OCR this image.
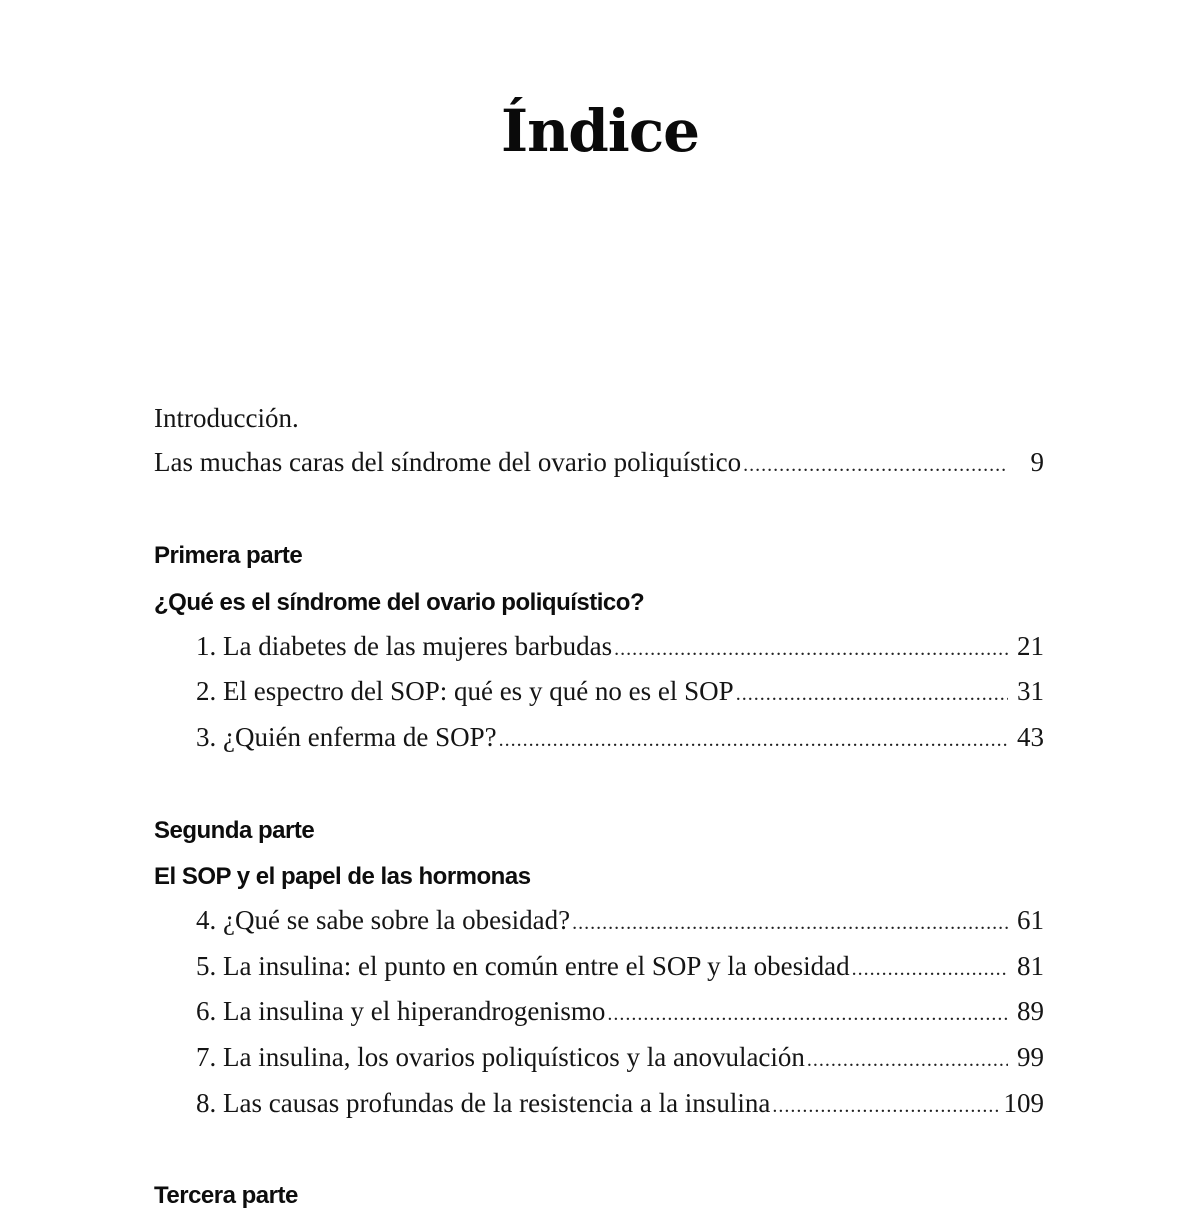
Índice
Introducción.
Las muchas caras del síndrome del ovario poliquístico .....	9
Primera parte
¿Qué es el síndrome del ovario poliquístico?
1. La diabetes de las mujeres barbudas .....	21
2. El espectro del SOP: qué es y qué no es el SOP .....	31
3. ¿Quién enferma de SOP? .....	43
Segunda parte
El SOP y el papel de las hormonas
4. ¿Qué se sabe sobre la obesidad? .....	61
5. La insulina: el punto en común entre el SOP y la obesidad .....	81
6. La insulina y el hiperandrogenismo .....	89
7. La insulina, los ovarios poliquísticos y la anovulación .....	99
8. Las causas profundas de la resistencia a la insulina .....	109
Tercera parte
